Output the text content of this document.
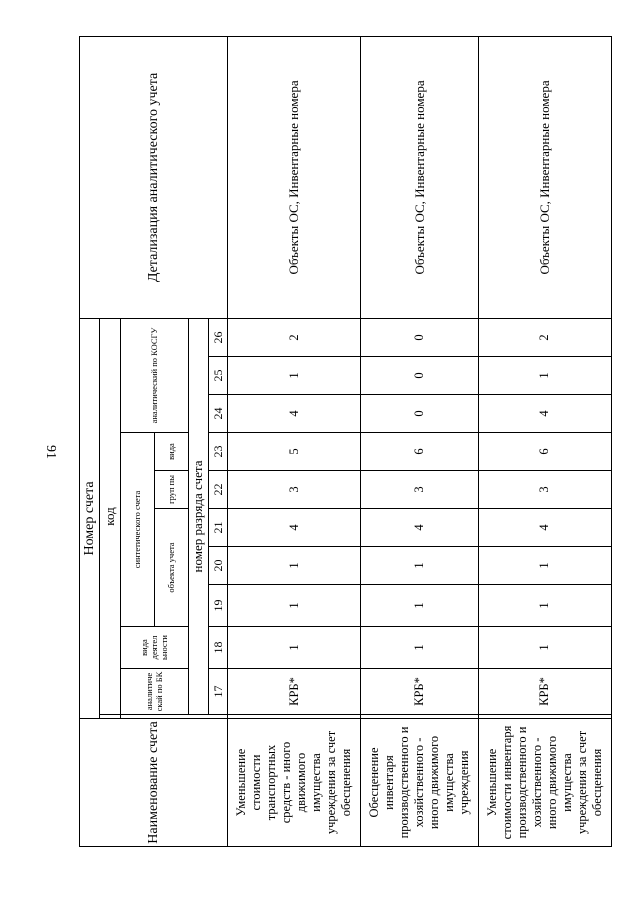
91
Наименование счета	Номер счета											Детализация аналитического учета
		код										
		аналитиче скай по БК	вида деятел ьности	синтетического счета					аналитический по КОСГУ			
				объекта учета			груп пы	вида				
		номер разряда счета										
		17	18	19	20	21	22	23	24	25	26	
Уменьшение стоимости транспортных средств - иного движимого имущества учреждения за счет обесценения		КРБ*	1	1	1	4	3	5	4	1	2	Объекты ОС, Инвентарные номера
Обесценение инвентаря производственного и хозяйственного - иного движимого имущества учреждения		КРБ*	1	1	1	4	3	6	0	0	0	Объекты ОС, Инвентарные номера
Уменьшение стоимости инвентаря производственного и хозяйственного - иного движимого имущества учреждения за счет обесценения		КРБ*	1	1	1	4	3	6	4	1	2	Объекты ОС, Инвентарные номера
